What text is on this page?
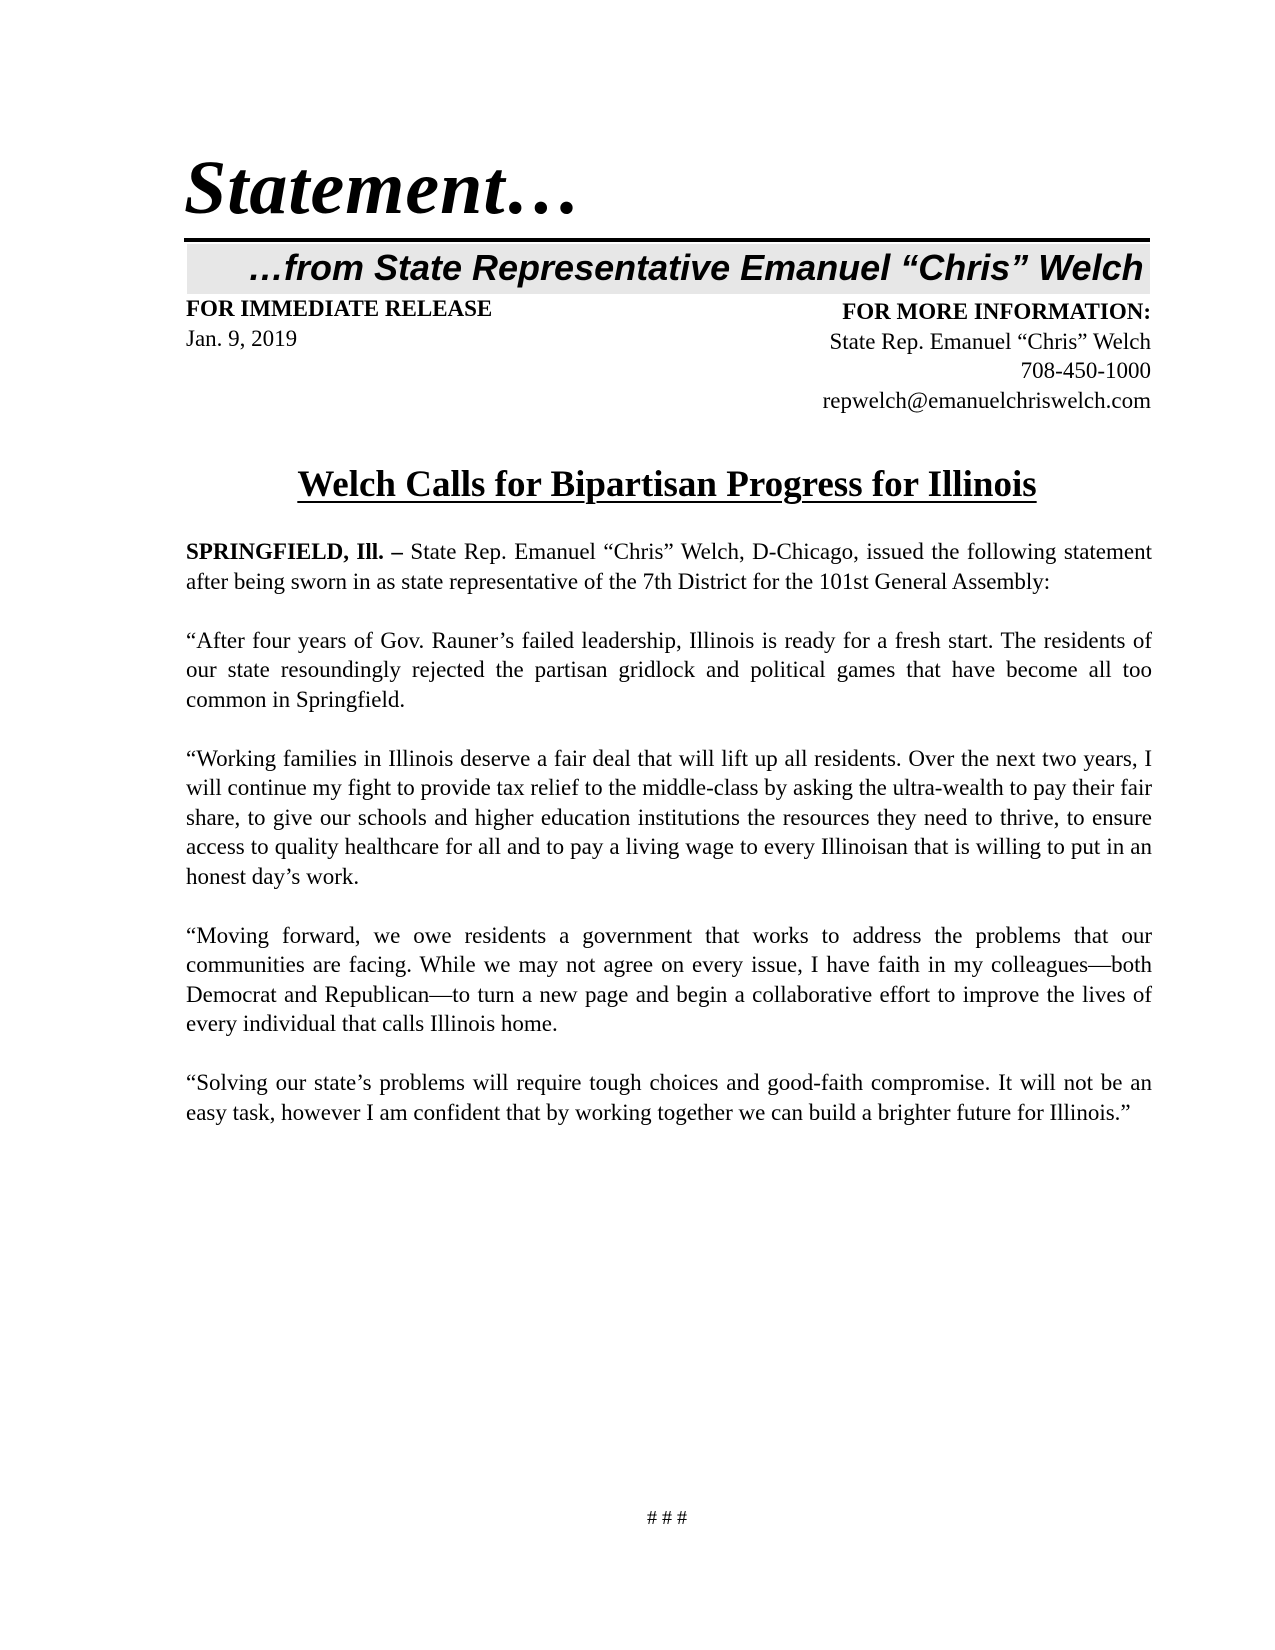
Statement…
…from State Representative Emanuel “Chris” Welch
FOR IMMEDIATE RELEASE
Jan. 9, 2019
FOR MORE INFORMATION:
State Rep. Emanuel “Chris” Welch
708-450-1000
repwelch@emanuelchriswelch.com
Welch Calls for Bipartisan Progress for Illinois

SPRINGFIELD, Ill. – State Rep. Emanuel “Chris” Welch, D-Chicago, issued the following statement after being sworn in as state representative of the 7th District for the 101st General Assembly:

“After four years of Gov. Rauner’s failed leadership, Illinois is ready for a fresh start. The residents of our state resoundingly rejected the partisan gridlock and political games that have become all too common in Springfield.

“Working families in Illinois deserve a fair deal that will lift up all residents. Over the next two years, I will continue my fight to provide tax relief to the middle-class by asking the ultra-wealth to pay their fair share, to give our schools and higher education institutions the resources they need to thrive, to ensure access to quality healthcare for all and to pay a living wage to every Illinoisan that is willing to put in an honest day’s work.

“Moving forward, we owe residents a government that works to address the problems that our communities are facing. While we may not agree on every issue, I have faith in my colleagues—both Democrat and Republican—to turn a new page and begin a collaborative effort to improve the lives of every individual that calls Illinois home.

“Solving our state’s problems will require tough choices and good-faith compromise. It will not be an easy task, however I am confident that by working together we can build a brighter future for Illinois.”

# # #
